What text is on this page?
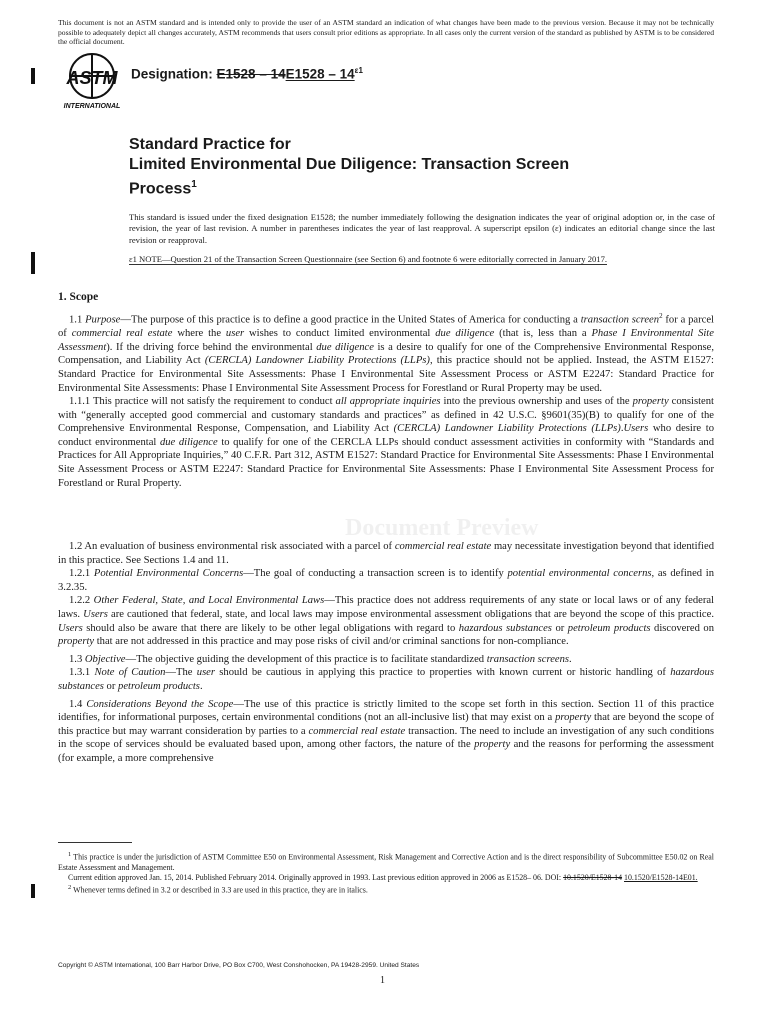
This document is not an ASTM standard and is intended only to provide the user of an ASTM standard an indication of what changes have been made to the previous version. Because it may not be technically possible to adequately depict all changes accurately, ASTM recommends that users consult prior editions as appropriate. In all cases only the current version of the standard as published by ASTM is to be considered the official document.
ASTM
INTERNATIONAL
Designation: $E1528 - 14E1528 - 14^{\varepsilon 1}$
Standard Practice for
Limited Environmental Due Diligence: Transaction Screen
Process$^1$
This standard is issued under the fixed designation E1528; the number immediately following the designation indicates the year of original adoption or, in the case of revision, the year of last revision. A number in parentheses indicates the year of last reapproval. A superscript epsilon (ε) indicates an editorial change since the last revision or reapproval.
ε1 NOTE—Question 21 of the Transaction Screen Questionnaire (see Section 6) and footnote 6 were editorially corrected in January 2017.
1. Scope

1.1 Purpose—The purpose of this practice is to define a good practice in the United States of America for conducting a transaction screen$^2$ for a parcel of commercial real estate where the user wishes to conduct limited environmental due diligence (that is, less than a Phase I Environmental Site Assessment). If the driving force behind the environmental due diligence is a desire to qualify for one of the Comprehensive Environmental Response, Compensation, and Liability Act (CERCLA) Landowner Liability Protections (LLPs), this practice should not be applied. Instead, the ASTM E1527: Standard Practice for Environmental Site Assessments: Phase I Environmental Site Assessment Process or ASTM E2247: Standard Practice for Environmental Site Assessments: Phase I Environmental Site Assessment Process for Forestland or Rural Property may be used.

1.1.1 This practice will not satisfy the requirement to conduct all appropriate inquiries into the previous ownership and uses of the property consistent with “generally accepted good commercial and customary standards and practices” as defined in 42 U.S.C. §9601(35)(B) to qualify for one of the Comprehensive Environmental Response, Compensation, and Liability Act (CERCLA) Landowner Liability Protections (LLPs).Users who desire to conduct environmental due diligence to qualify for one of the CERCLA LLPs should conduct assessment activities in conformity with “Standards and Practices for All Appropriate Inquiries,” 40 C.F.R. Part 312, ASTM E1527: Standard Practice for Environmental Site Assessments: Phase I Environmental Site Assessment Process or ASTM E2247: Standard Practice for Environmental Site Assessments: Phase I Environmental Site Assessment Process for Forestland or Rural Property.

Document Preview

1.2 An evaluation of business environmental risk associated with a parcel of commercial real estate may necessitate investigation beyond that identified in this practice. See Sections 1.4 and 11.

1.2.1 Potential Environmental Concerns—The goal of conducting a transaction screen is to identify potential environmental concerns, as defined in 3.2.35.

1.2.2 Other Federal, State, and Local Environmental Laws—This practice does not address requirements of any state or local laws or of any federal laws. Users are cautioned that federal, state, and local laws may impose environmental assessment obligations that are beyond the scope of this practice. Users should also be aware that there are likely to be other legal obligations with regard to hazardous substances or petroleum products discovered on property that are not addressed in this practice and may pose risks of civil and/or criminal sanctions for non-compliance.

1.3 Objective—The objective guiding the development of this practice is to facilitate standardized transaction screens.

1.3.1 Note of Caution—The user should be cautious in applying this practice to properties with known current or historic handling of hazardous substances or petroleum products.

1.4 Considerations Beyond the Scope—The use of this practice is strictly limited to the scope set forth in this section. Section 11 of this practice identifies, for informational purposes, certain environmental conditions (not an all-inclusive list) that may exist on a property that are beyond the scope of this practice but may warrant consideration by parties to a commercial real estate transaction. The need to include an investigation of any such conditions in the scope of services should be evaluated based upon, among other factors, the nature of the property and the reasons for performing the assessment (for example, a more comprehensive

$^1$ This practice is under the jurisdiction of ASTM Committee E50 on Environmental Assessment, Risk Management and Corrective Action and is the direct responsibility of Subcommittee E50.02 on Real Estate Assessment and Management.

Current edition approved Jan. 15, 2014. Published February 2014. Originally approved in 1993. Last previous edition approved in 2006 as E1528– 06. DOI: 10.1520/E1528-14 10.1520/E1528-14E01.

$^2$ Whenever terms defined in 3.2 or described in 3.3 are used in this practice, they are in italics.

Copyright © ASTM International, 100 Barr Harbor Drive, PO Box C700, West Conshohocken, PA 19428-2959. United States
1
